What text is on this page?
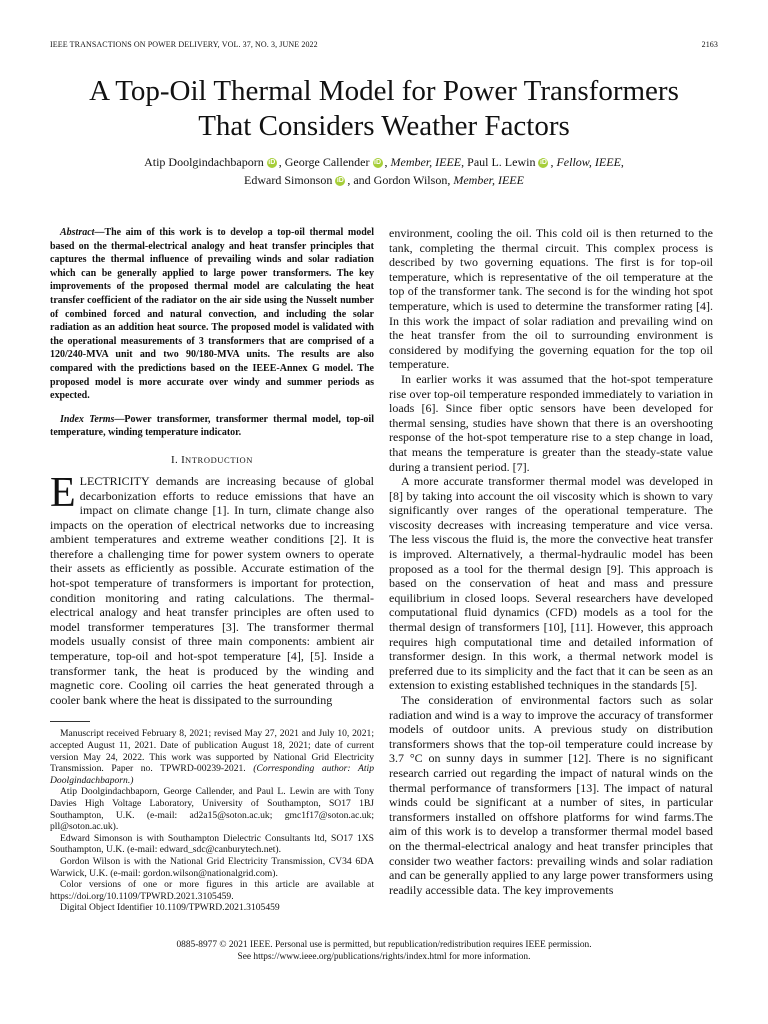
IEEE TRANSACTIONS ON POWER DELIVERY, VOL. 37, NO. 3, JUNE 2022	2163
A Top-Oil Thermal Model for Power Transformers
That Considers Weather Factors
Atip Doolgindachbaporn iD , George Callender iD , Member, IEEE, Paul L. Lewin iD , Fellow, IEEE,
Edward Simonson iD , and Gordon Wilson, Member, IEEE

Abstract—The aim of this work is to develop a top-oil thermal model based on the thermal-electrical analogy and heat transfer principles that captures the thermal influence of prevailing winds and solar radiation which can be generally applied to large power transformers. The key improvements of the proposed thermal model are calculating the heat transfer coefficient of the radiator on the air side using the Nusselt number of combined forced and natural convection, and including the solar radiation as an addition heat source. The proposed model is validated with the operational measurements of 3 transformers that are comprised of a 120/240-MVA unit and two 90/180-MVA units. The results are also compared with the predictions based on the IEEE-Annex G model. The proposed model is more accurate over windy and summer periods as expected.

Index Terms—Power transformer, transformer thermal model, top-oil temperature, winding temperature indicator.

I. INTRODUCTION

ELECTRICITY demands are increasing because of global decarbonization efforts to reduce emissions that have an impact on climate change [1]. In turn, climate change also impacts on the operation of electrical networks due to increasing ambient temperatures and extreme weather conditions [2]. It is therefore a challenging time for power system owners to operate their assets as efficiently as possible. Accurate estimation of the hot-spot temperature of transformers is important for protection, condition monitoring and rating calculations. The thermal-electrical analogy and heat transfer principles are often used to model transformer temperatures [3]. The transformer thermal models usually consist of three main components: ambient air temperature, top-oil and hot-spot temperature [4], [5]. Inside a transformer tank, the heat is produced by the winding and magnetic core. Cooling oil carries the heat generated through a cooler bank where the heat is dissipated to the surrounding

Manuscript received February 8, 2021; revised May 27, 2021 and July 10, 2021; accepted August 11, 2021. Date of publication August 18, 2021; date of current version May 24, 2022. This work was supported by National Grid Electricity Transmission. Paper no. TPWRD-00239-2021. (Corresponding author: Atip Doolgindachbaporn.)

Atip Doolgindachbaporn, George Callender, and Paul L. Lewin are with Tony Davies High Voltage Laboratory, University of Southampton, SO17 1BJ Southampton, U.K. (e-mail: ad2a15@soton.ac.uk; gmc1f17@soton.ac.uk; pll@soton.ac.uk).

Edward Simonson is with Southampton Dielectric Consultants ltd, SO17 1XS Southampton, U.K. (e-mail: edward_sdc@canburytech.net).

Gordon Wilson is with the National Grid Electricity Transmission, CV34 6DA Warwick, U.K. (e-mail: gordon.wilson@nationalgrid.com).

Color versions of one or more figures in this article are available at https://doi.org/10.1109/TPWRD.2021.3105459.

Digital Object Identifier 10.1109/TPWRD.2021.3105459

environment, cooling the oil. This cold oil is then returned to the tank, completing the thermal circuit. This complex process is described by two governing equations. The first is for top-oil temperature, which is representative of the oil temperature at the top of the transformer tank. The second is for the winding hot spot temperature, which is used to determine the transformer rating [4]. In this work the impact of solar radiation and prevailing wind on the heat transfer from the oil to surrounding environment is considered by modifying the governing equation for the top oil temperature.

In earlier works it was assumed that the hot-spot temperature rise over top-oil temperature responded immediately to variation in loads [6]. Since fiber optic sensors have been developed for thermal sensing, studies have shown that there is an overshooting response of the hot-spot temperature rise to a step change in load, that means the temperature is greater than the steady-state value during a transient period. [7].

A more accurate transformer thermal model was developed in [8] by taking into account the oil viscosity which is shown to vary significantly over ranges of the operational temperature. The viscosity decreases with increasing temperature and vice versa. The less viscous the fluid is, the more the convective heat transfer is improved. Alternatively, a thermal-hydraulic model has been proposed as a tool for the thermal design [9]. This approach is based on the conservation of heat and mass and pressure equilibrium in closed loops. Several researchers have developed computational fluid dynamics (CFD) models as a tool for the thermal design of transformers [10], [11]. However, this approach requires high computational time and detailed information of transformer design. In this work, a thermal network model is preferred due to its simplicity and the fact that it can be seen as an extension to existing established techniques in the standards [5].

The consideration of environmental factors such as solar radiation and wind is a way to improve the accuracy of transformer models of outdoor units. A previous study on distribution transformers shows that the top-oil temperature could increase by 3.7 °C on sunny days in summer [12]. There is no significant research carried out regarding the impact of natural winds on the thermal performance of transformers [13]. The impact of natural winds could be significant at a number of sites, in particular transformers installed on offshore platforms for wind farms.The aim of this work is to develop a transformer thermal model based on the thermal-electrical analogy and heat transfer principles that consider two weather factors: prevailing winds and solar radiation and can be generally applied to any large power transformers using readily accessible data. The key improvements

0885-8977 © 2021 IEEE. Personal use is permitted, but republication/redistribution requires IEEE permission.
See https://www.ieee.org/publications/rights/index.html for more information.
